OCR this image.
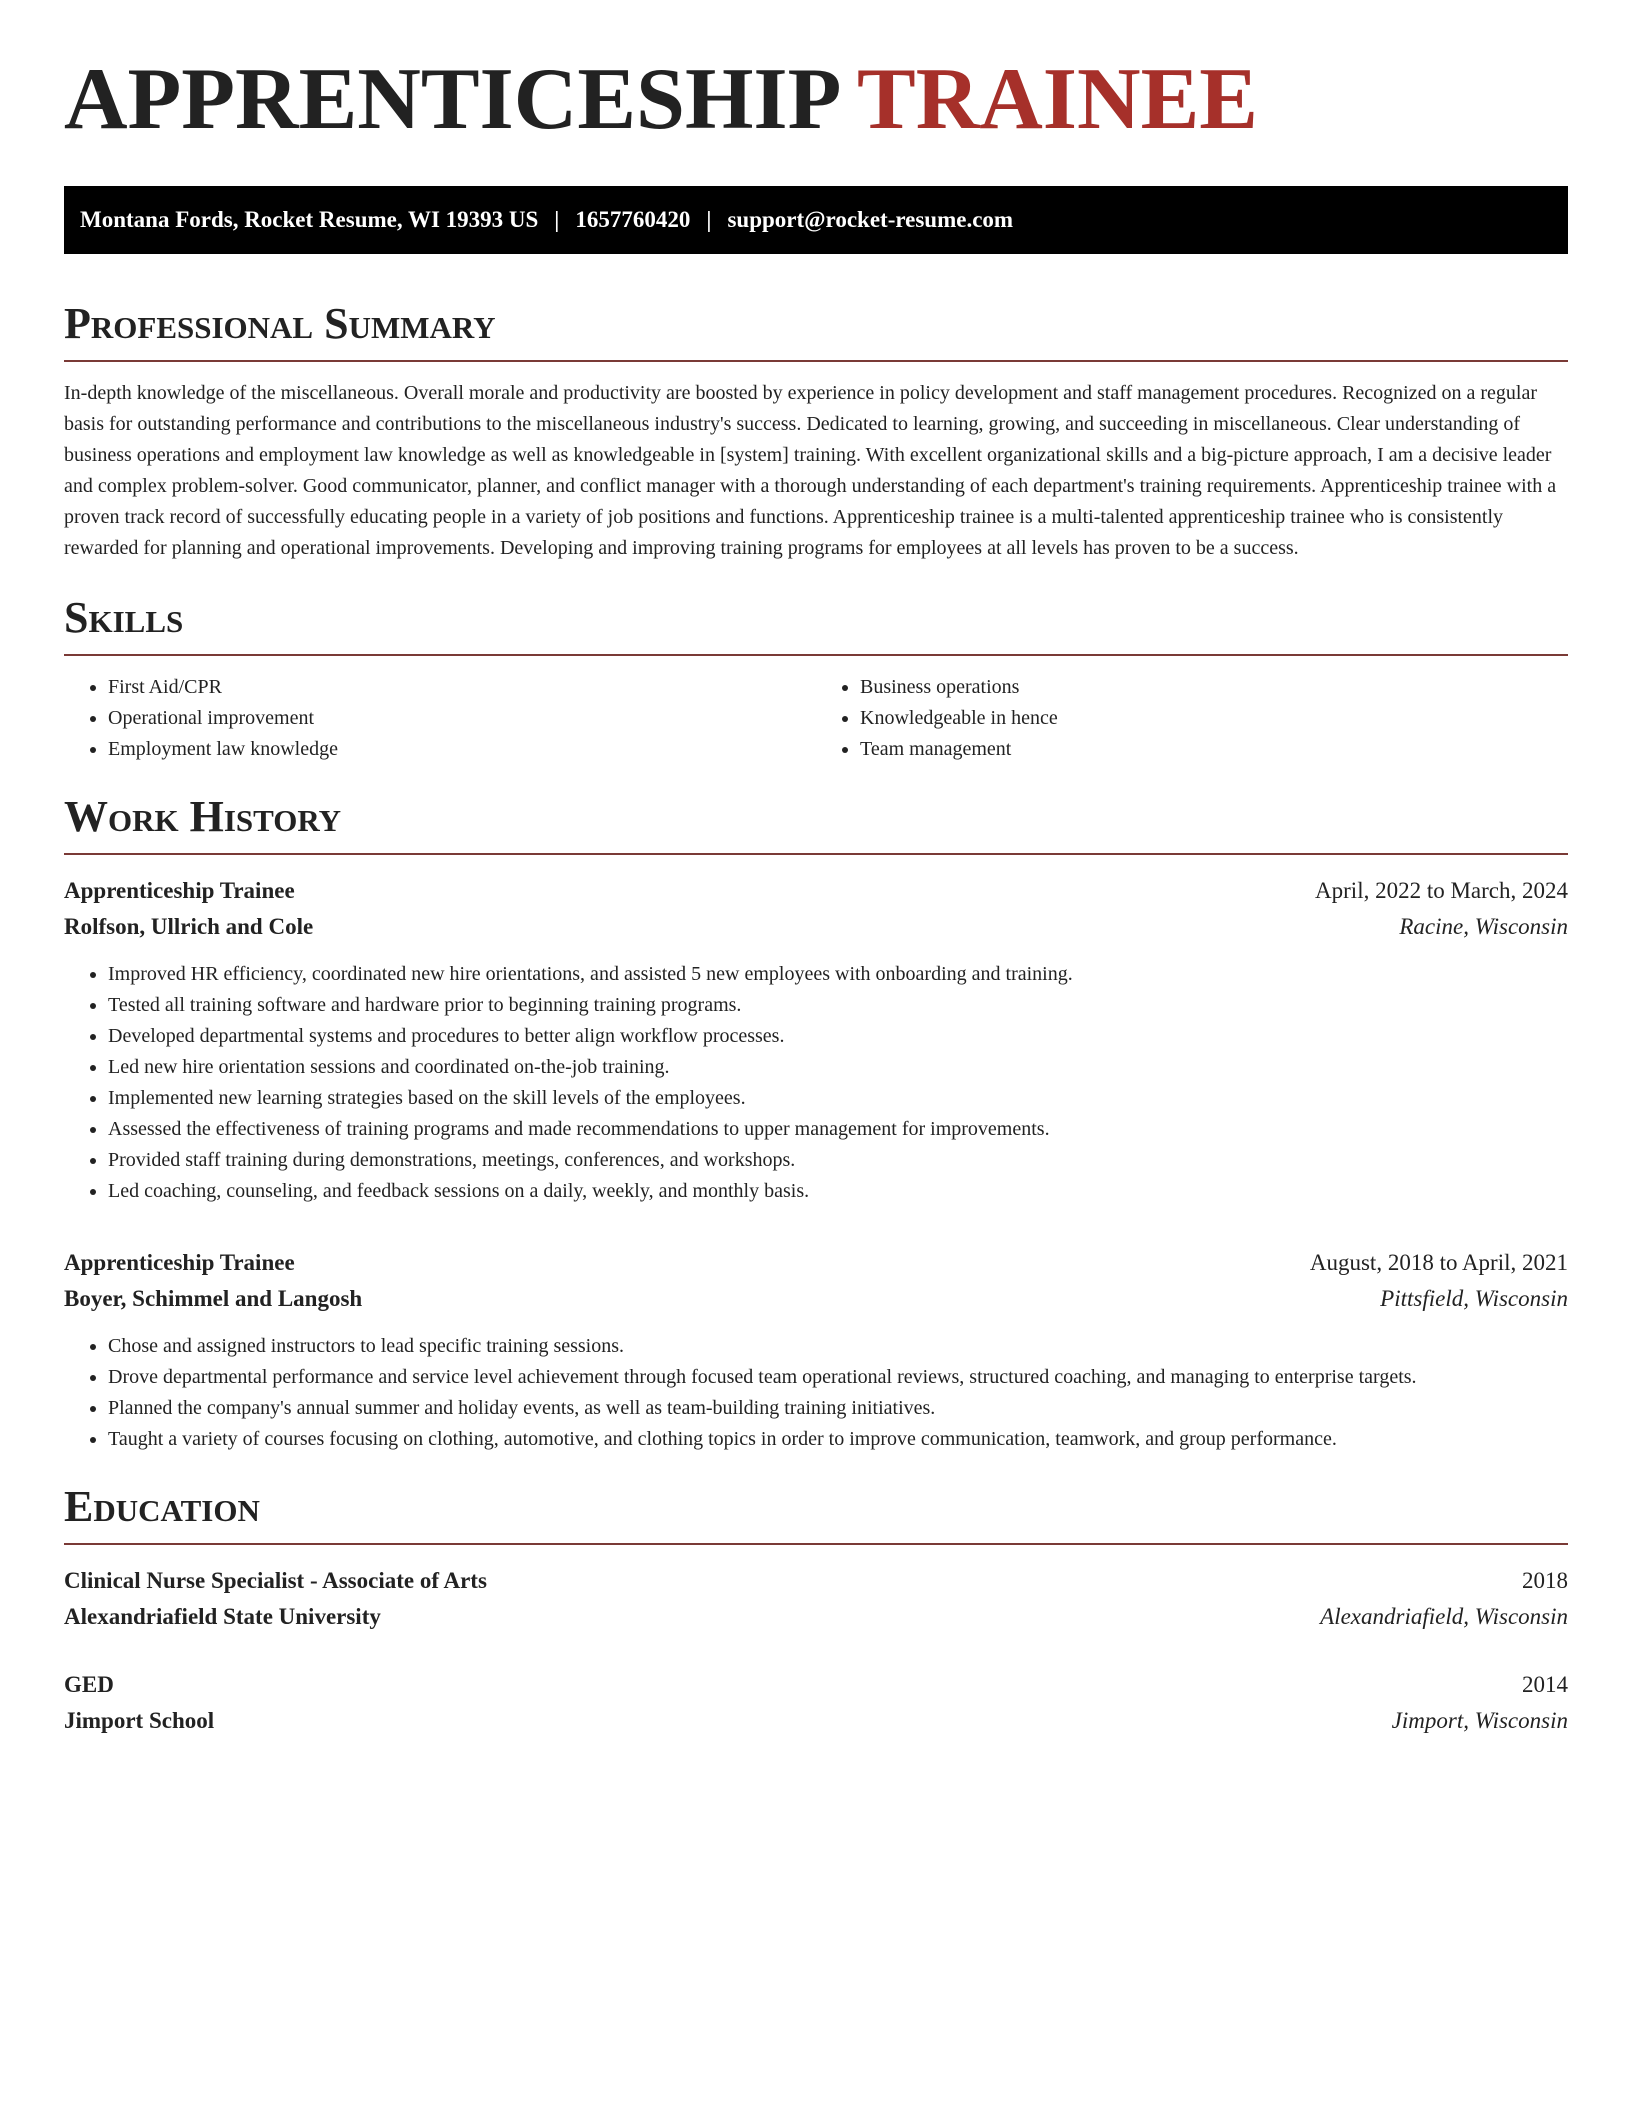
APPRENTICESHIP TRAINEE
Montana Fords, Rocket Resume, WI 19393 US | 1657760420 | support@rocket-resume.com
Professional Summary

In-depth knowledge of the miscellaneous. Overall morale and productivity are boosted by experience in policy development and staff management procedures. Recognized on a regular basis for outstanding performance and contributions to the miscellaneous industry's success. Dedicated to learning, growing, and succeeding in miscellaneous. Clear understanding of business operations and employment law knowledge as well as knowledgeable in [system] training. With excellent organizational skills and a big-picture approach, I am a decisive leader and complex problem-solver. Good communicator, planner, and conflict manager with a thorough understanding of each department's training requirements. Apprenticeship trainee with a proven track record of successfully educating people in a variety of job positions and functions. Apprenticeship trainee is a multi-talented apprenticeship trainee who is consistently rewarded for planning and operational improvements. Developing and improving training programs for employees at all levels has proven to be a success.

Skills
• First Aid/CPR
• Operational improvement
• Employment law knowledge
• Business operations
• Knowledgeable in hence
• Team management
Work History
Apprenticeship Trainee	April, 2022 to March, 2024
Rolfson, Ullrich and Cole	Racine, Wisconsin
• Improved HR efficiency, coordinated new hire orientations, and assisted 5 new employees with onboarding and training.
• Tested all training software and hardware prior to beginning training programs.
• Developed departmental systems and procedures to better align workflow processes.
• Led new hire orientation sessions and coordinated on-the-job training.
• Implemented new learning strategies based on the skill levels of the employees.
• Assessed the effectiveness of training programs and made recommendations to upper management for improvements.
• Provided staff training during demonstrations, meetings, conferences, and workshops.
• Led coaching, counseling, and feedback sessions on a daily, weekly, and monthly basis.
Apprenticeship Trainee	August, 2018 to April, 2021
Boyer, Schimmel and Langosh	Pittsfield, Wisconsin
• Chose and assigned instructors to lead specific training sessions.
• Drove departmental performance and service level achievement through focused team operational reviews, structured coaching, and managing to enterprise targets.
• Planned the company's annual summer and holiday events, as well as team-building training initiatives.
• Taught a variety of courses focusing on clothing, automotive, and clothing topics in order to improve communication, teamwork, and group performance.
Education
Clinical Nurse Specialist - Associate of Arts	2018
Alexandriafield State University	Alexandriafield, Wisconsin
GED	2014
Jimport School	Jimport, Wisconsin
